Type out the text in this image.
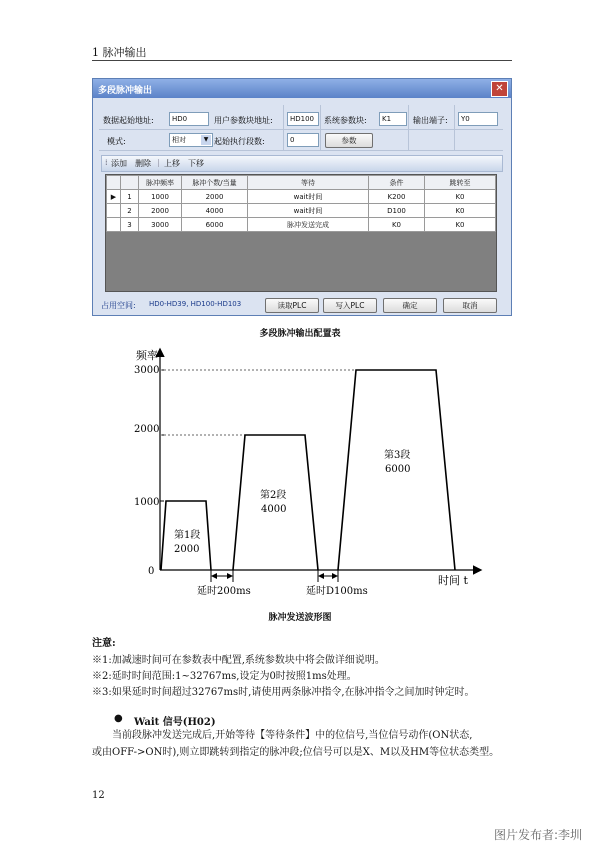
1 脉冲输出
多段脉冲输出	✕
数据起始地址:	HD0	用户参数块地址:	HD100	系统参数块:	K1	输出端子:	Y0
模式:	相对	▼ 起始执行段数:	0	参数
⁞ 添加 删除 | 上移 下移
		脉冲频率	脉冲个数/当量	等待	条件	跳转至
▶	1	1000	2000	wait时间	K200	K0
	2	2000	4000	wait时间	D100	K0
	3	3000	6000	脉冲发送完成	K0	K0
占用空间: HD0-HD39, HD100-HD103	读取PLC	写入PLC	确定	取消
多段脉冲输出配置表
频率
时间 t
0
1000
2000
3000
第1段
2000
第2段
4000
第3段
6000
延时200ms	延时D100ms
脉冲发送波形图
注意:
※1:加减速时间可在参数表中配置,系统参数块中将会做详细说明。
※2:延时时间范围:1~32767ms,设定为0时按照1ms处理。
※3:如果延时时间超过32767ms时,请使用两条脉冲指令,在脉冲指令之间加时钟定时。
● Wait 信号(H02)
当前段脉冲发送完成后,开始等待【等待条件】中的位信号,当位信号动作(ON状态,
或由OFF->ON时),则立即跳转到指定的脉冲段;位信号可以是X、M以及HM等位状态类型。
12
图片发布者:李圳
